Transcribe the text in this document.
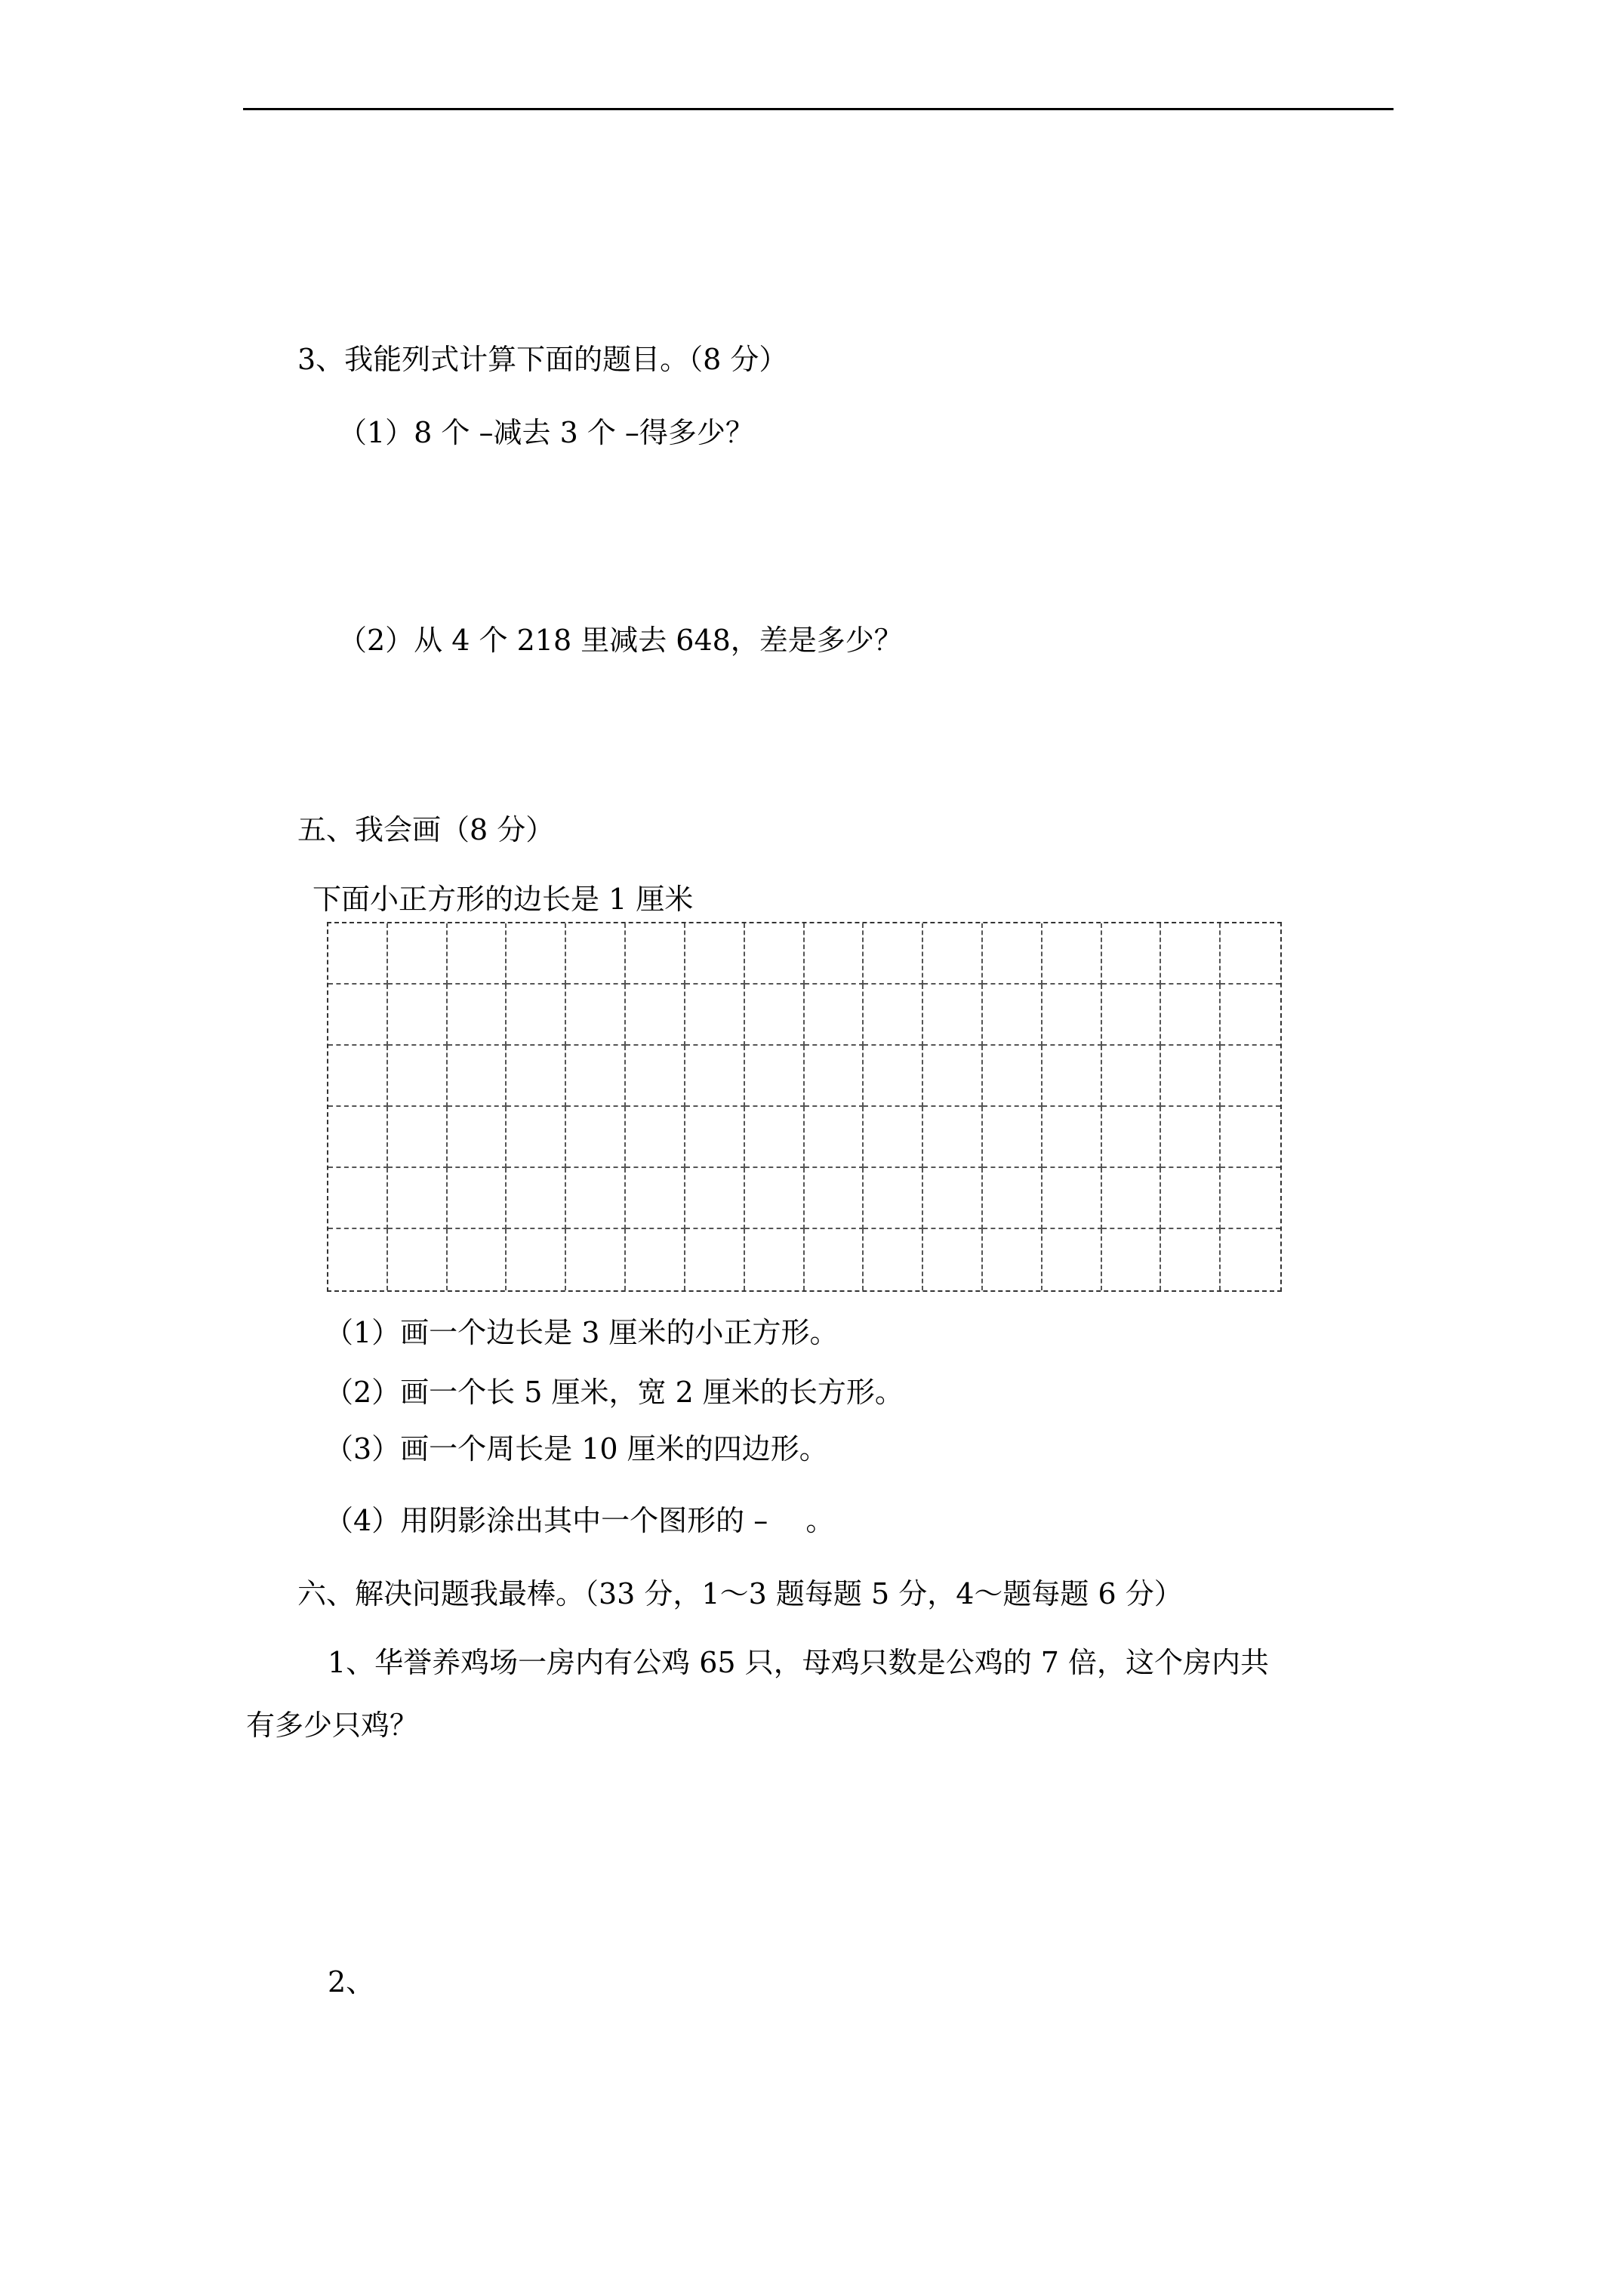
3、我能列式计算下面的题目。（8 分）
（1）8 个 –减去 3 个 –得多少？
（2）从 4 个 218 里减去 648，差是多少？
五、我会画（8 分）
下面小正方形的边长是 1 厘米
（1）画一个边长是 3 厘米的小正方形。
（2）画一个长 5 厘米，宽 2 厘米的长方形。
（3）画一个周长是 10 厘米的四边形。
（4）用阴影涂出其中一个图形的 –　 。
六、解决问题我最棒。（33 分，1～3 题每题 5 分，4～题每题 6 分）
1、华誉养鸡场一房内有公鸡 65 只，母鸡只数是公鸡的 7 倍，这个房内共
有多少只鸡？
2、
